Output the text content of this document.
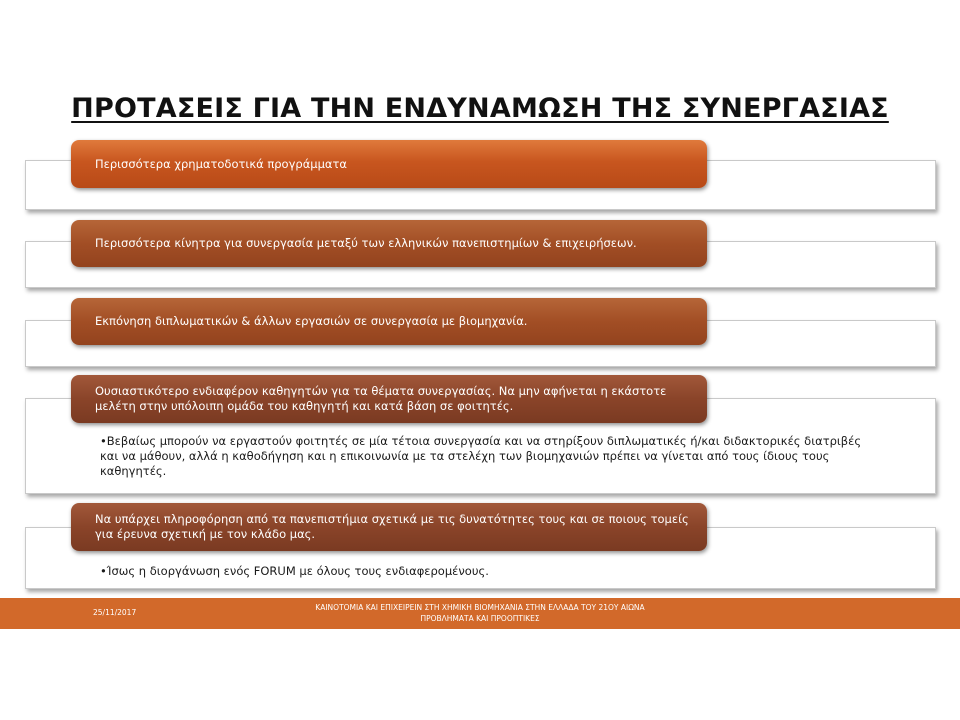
ΠΡΟΤΑΣΕΙΣ ΓΙΑ ΤΗΝ ΕΝΔΥΝΑΜΩΣΗ ΤΗΣ ΣΥΝΕΡΓΑΣΙΑΣ
Περισσότερα χρηματοδοτικά προγράμματα
Περισσότερα κίνητρα για συνεργασία μεταξύ των ελληνικών πανεπιστημίων & επιχειρήσεων.
Εκπόνηση διπλωματικών & άλλων εργασιών σε συνεργασία με βιομηχανία.
•Βεβαίως μπορούν να εργαστούν φοιτητές σε μία τέτοια συνεργασία και να στηρίξουν διπλωματικές ή/και διδακτορικές διατριβές και να μάθουν, αλλά η καθοδήγηση και η επικοινωνία με τα στελέχη των βιομηχανιών πρέπει να γίνεται από τους ίδιους τους καθηγητές.
Ουσιαστικότερο ενδιαφέρον καθηγητών για τα θέματα συνεργασίας. Να μην αφήνεται η εκάστοτε μελέτη στην υπόλοιπη ομάδα του καθηγητή και κατά βάση σε φοιτητές.
•Ίσως η διοργάνωση ενός FORUM με όλους τους ενδιαφερομένους.
Να υπάρχει πληροφόρηση από τα πανεπιστήμια σχετικά με τις δυνατότητες τους και σε ποιους τομείς για έρευνα σχετική με τον κλάδο μας.
25/11/2017
ΚΑΙΝΟΤΟΜΙΑ ΚΑΙ ΕΠΙΧΕΙΡΕΙΝ ΣΤΗ ΧΗΜΙΚΗ ΒΙΟΜΗΧΑΝΙΑ ΣΤΗΝ ΕΛΛΑΔΑ ΤΟΥ 21ΟΥ ΑΙΩΝΑ
ΠΡΟΒΛΗΜΑΤΑ ΚΑΙ ΠΡΟΟΠΤΙΚΕΣ
